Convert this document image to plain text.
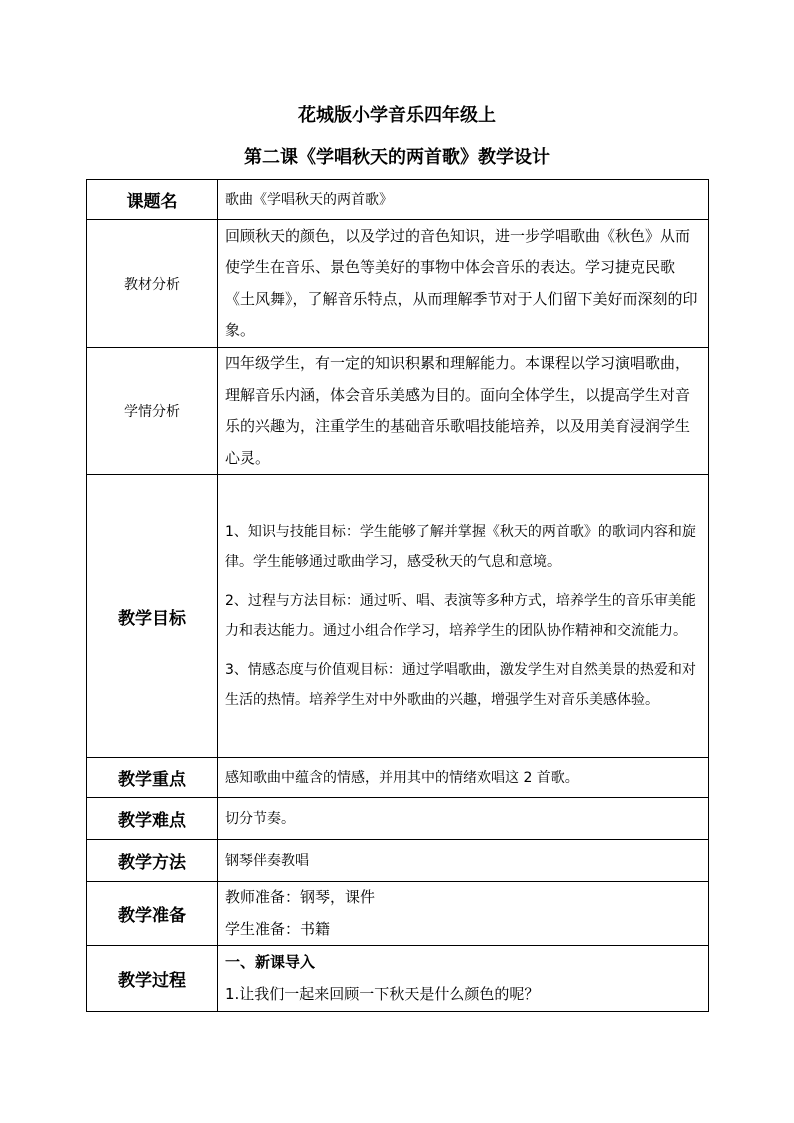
花城版小学音乐四年级上
第二课《学唱秋天的两首歌》教学设计
课题名	歌曲《学唱秋天的两首歌》
教材分析	回顾秋天的颜色，以及学过的音色知识，进一步学唱歌曲《秋色》从而使学生在音乐、景色等美好的事物中体会音乐的表达。学习捷克民歌《土风舞》，了解音乐特点，从而理解季节对于人们留下美好而深刻的印象。
学情分析	四年级学生，有一定的知识积累和理解能力。本课程以学习演唱歌曲，理解音乐内涵，体会音乐美感为目的。面向全体学生，以提高学生对音乐的兴趣为，注重学生的基础音乐歌唱技能培养，以及用美育浸润学生心灵。
教学目标	1、知识与技能目标：学生能够了解并掌握《秋天的两首歌》的歌词内容和旋律。学生能够通过歌曲学习，感受秋天的气息和意境。

2、过程与方法目标：通过听、唱、表演等多种方式，培养学生的音乐审美能力和表达能力。通过小组合作学习，培养学生的团队协作精神和交流能力。

3、情感态度与价值观目标：通过学唱歌曲，激发学生对自然美景的热爱和对生活的热情。培养学生对中外歌曲的兴趣，增强学生对音乐美感体验。

教学重点	感知歌曲中蕴含的情感，并用其中的情绪欢唱这 2 首歌。
教学难点	切分节奏。
教学方法	钢琴伴奏教唱
教学准备	教师准备：钢琴，课件
学生准备：书籍

教学过程	一、新课导入
1.让我们一起来回顾一下秋天是什么颜色的呢？
